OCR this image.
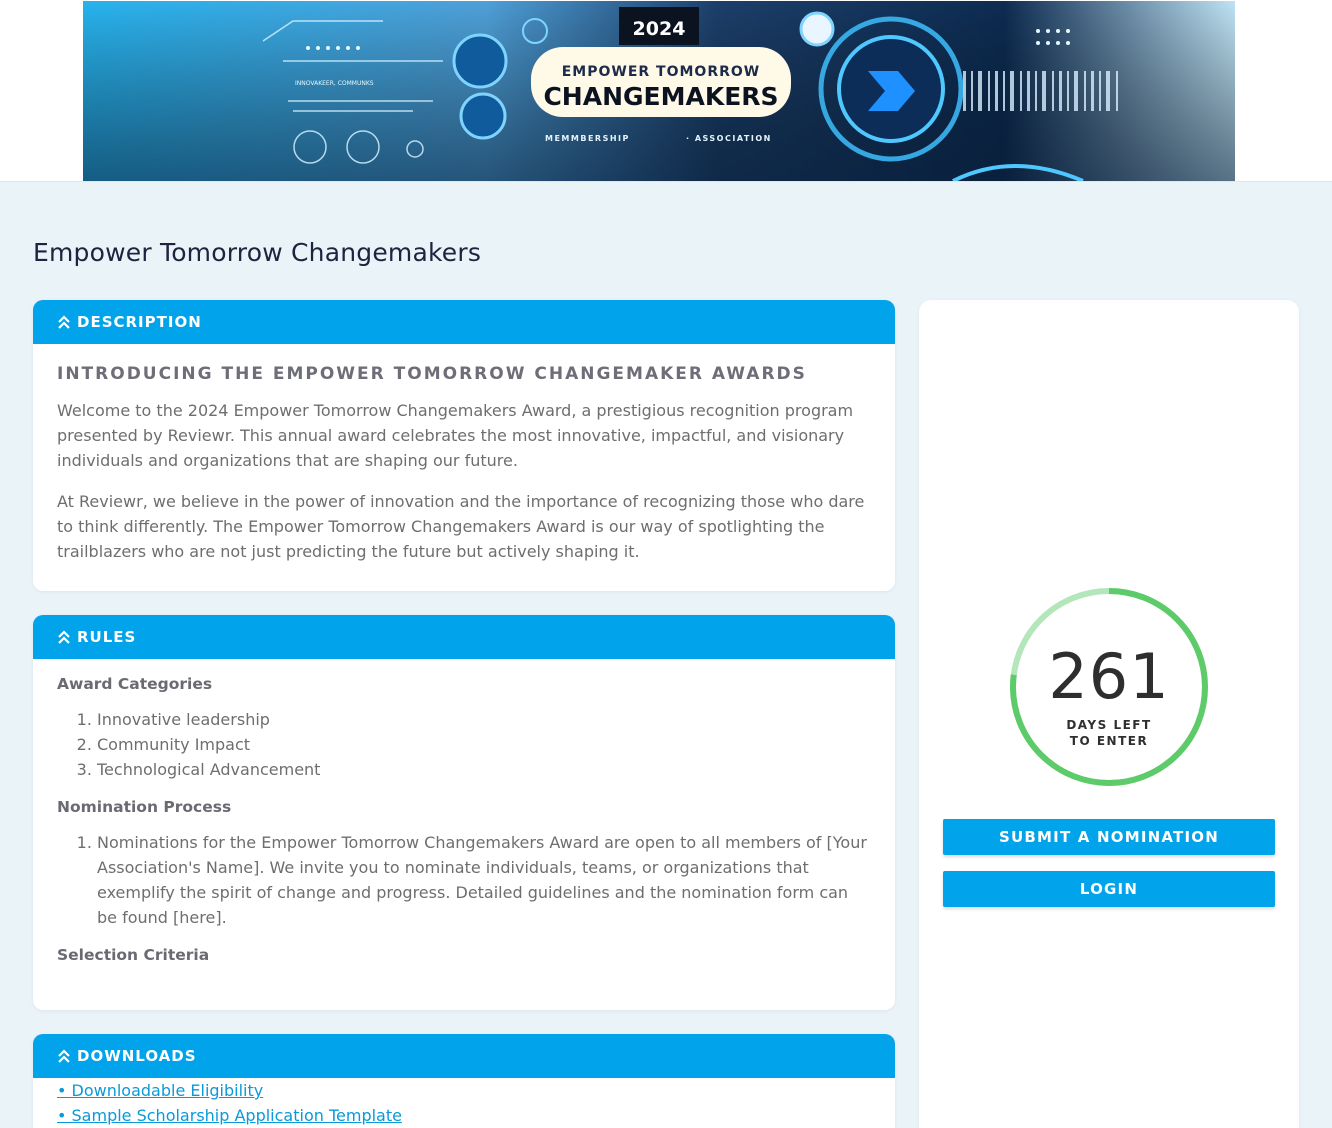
INNOVAKEER, COMMUNKS
2024
EMPOWER TOMORROW
CHANGEMAKERS
MEMMBERSHIP	· ASSOCIATION
Empower Tomorrow Changemakers
DESCRIPTION
INTRODUCING THE EMPOWER TOMORROW CHANGEMAKER AWARDS

Welcome to the 2024 Empower Tomorrow Changemakers Award, a prestigious recognition program presented by Reviewr. This annual award celebrates the most innovative, impactful, and visionary individuals and organizations that are shaping our future.

At Reviewr, we believe in the power of innovation and the importance of recognizing those who dare to think differently. The Empower Tomorrow Changemakers Award is our way of spotlighting the trailblazers who are not just predicting the future but actively shaping it.

RULES
Award Categories
1. Innovative leadership
2. Community Impact
3. Technological Advancement
Nomination Process
1. Nominations for the Empower Tomorrow Changemakers Award are open to all members of [Your Association's Name]. We invite you to nominate individuals, teams, or organizations that exemplify the spirit of change and progress. Detailed guidelines and the nomination form can be found [here].
Selection Criteria
DOWNLOADS
• Downloadable Eligibility
• Sample Scholarship Application Template
261
DAYS LEFT
TO ENTER
SUBMIT A NOMINATION
LOGIN
